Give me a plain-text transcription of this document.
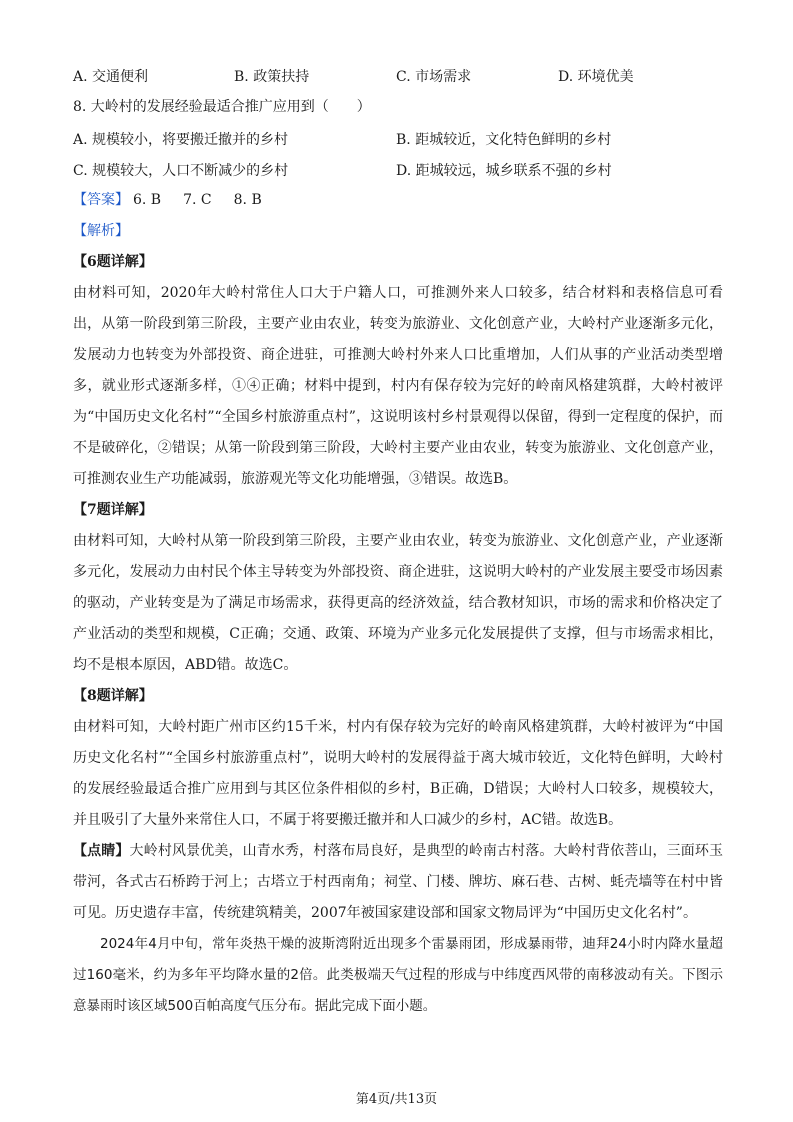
A. 交通便利	B. 政策扶持	C. 市场需求	D. 环境优美
8. 大岭村的发展经验最适合推广应用到（　　）
A. 规模较小，将要搬迁撤并的乡村	B. 距城较近，文化特色鲜明的乡村
C. 规模较大，人口不断减少的乡村	D. 距城较远，城乡联系不强的乡村
【答案】 6. B 7. C 8. B
【解析】
【6题详解】

由材料可知，2020年大岭村常住人口大于户籍人口，可推测外来人口较多，结合材料和表格信息可看出，从第一阶段到第三阶段，主要产业由农业，转变为旅游业、文化创意产业，大岭村产业逐渐多元化，发展动力也转变为外部投资、商企进驻，可推测大岭村外来人口比重增加，人们从事的产业活动类型增多，就业形式逐渐多样，①④正确；材料中提到，村内有保存较为完好的岭南风格建筑群，大岭村被评为“中国历史文化名村”“全国乡村旅游重点村”，这说明该村乡村景观得以保留，得到一定程度的保护，而不是破碎化，②错误；从第一阶段到第三阶段，大岭村主要产业由农业，转变为旅游业、文化创意产业，可推测农业生产功能减弱，旅游观光等文化功能增强，③错误。故选B。

【7题详解】

由材料可知，大岭村从第一阶段到第三阶段，主要产业由农业，转变为旅游业、文化创意产业，产业逐渐多元化，发展动力由村民个体主导转变为外部投资、商企进驻，这说明大岭村的产业发展主要受市场因素的驱动，产业转变是为了满足市场需求，获得更高的经济效益，结合教材知识，市场的需求和价格决定了产业活动的类型和规模，C正确；交通、政策、环境为产业多元化发展提供了支撑，但与市场需求相比，均不是根本原因，ABD错。故选C。

【8题详解】

由材料可知，大岭村距广州市区约15千米，村内有保存较为完好的岭南风格建筑群，大岭村被评为“中国历史文化名村”“全国乡村旅游重点村”，说明大岭村的发展得益于离大城市较近，文化特色鲜明，大岭村的发展经验最适合推广应用到与其区位条件相似的乡村，B正确，D错误；大岭村人口较多，规模较大，并且吸引了大量外来常住人口，不属于将要搬迁撤并和人口减少的乡村，AC错。故选B。

【点睛】大岭村风景优美，山青水秀，村落布局良好，是典型的岭南古村落。大岭村背依菩山，三面环玉带河，各式古石桥跨于河上；古塔立于村西南角；祠堂、门楼、牌坊、麻石巷、古树、蚝壳墙等在村中皆可见。历史遗存丰富，传统建筑精美，2007年被国家建设部和国家文物局评为“中国历史文化名村”。

2024年4月中旬，常年炎热干燥的波斯湾附近出现多个雷暴雨团，形成暴雨带，迪拜24小时内降水量超过160毫米，约为多年平均降水量的2倍。此类极端天气过程的形成与中纬度西风带的南移波动有关。下图示意暴雨时该区域500百帕高度气压分布。据此完成下面小题。

第4页/共13页
